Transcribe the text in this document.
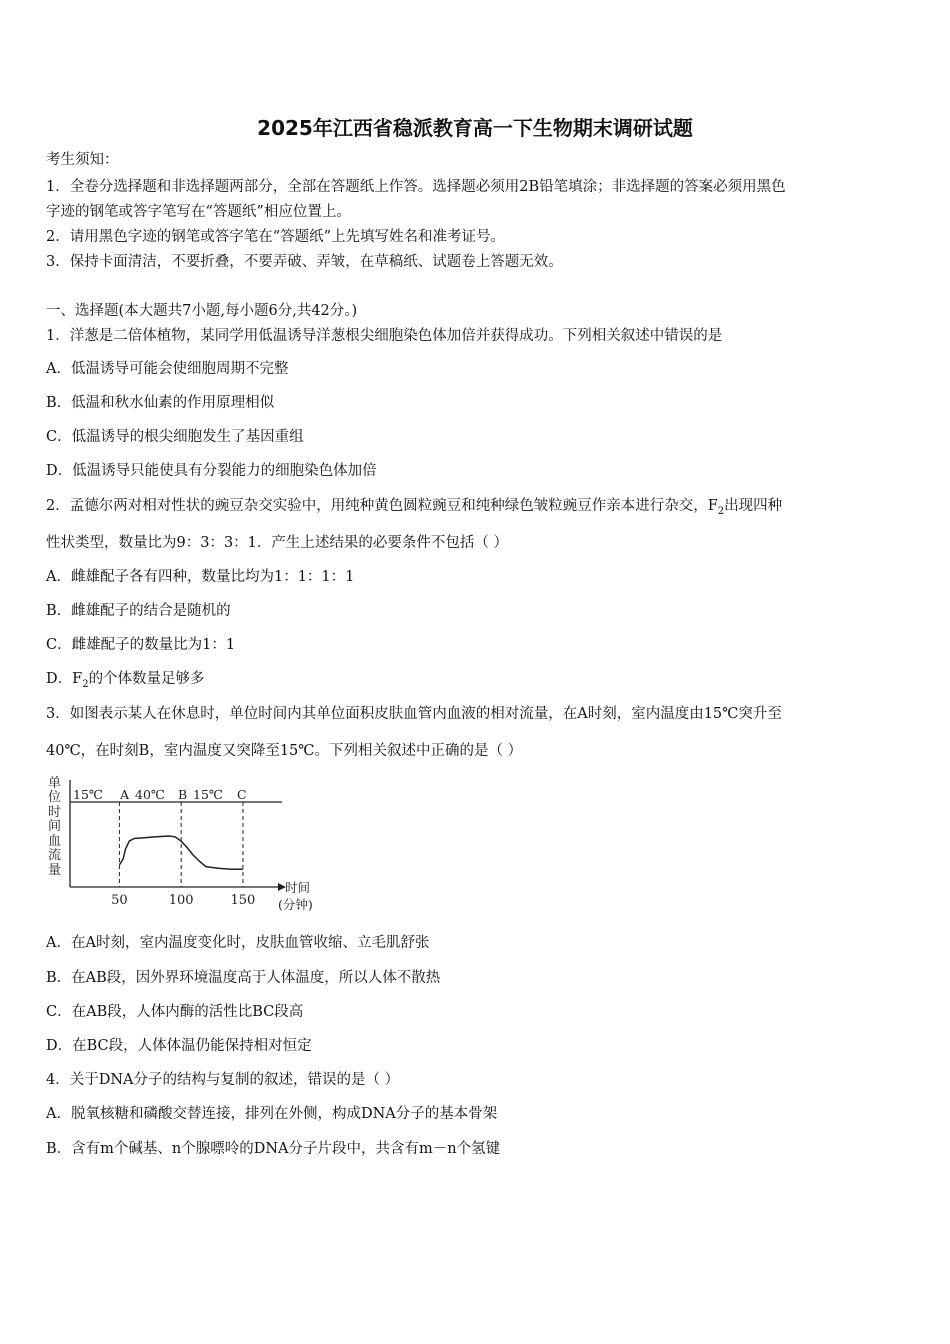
2025年江西省稳派教育高一下生物期末调研试题
考生须知：
1．全卷分选择题和非选择题两部分，全部在答题纸上作答。选择题必须用2B铅笔填涂；非选择题的答案必须用黑色
字迹的钢笔或答字笔写在“答题纸”相应位置上。
2．请用黑色字迹的钢笔或答字笔在“答题纸”上先填写姓名和准考证号。
3．保持卡面清洁，不要折叠，不要弄破、弄皱，在草稿纸、试题卷上答题无效。
一、选择题(本大题共7小题,每小题6分,共42分。)
1．洋葱是二倍体植物，某同学用低温诱导洋葱根尖细胞染色体加倍并获得成功。下列相关叙述中错误的是
A．低温诱导可能会使细胞周期不完整
B．低温和秋水仙素的作用原理相似
C．低温诱导的根尖细胞发生了基因重组
D．低温诱导只能使具有分裂能力的细胞染色体加倍
2．孟德尔两对相对性状的豌豆杂交实验中，用纯种黄色圆粒豌豆和纯种绿色皱粒豌豆作亲本进行杂交，$F_2$出现四种
性状类型，数量比为9：3：3：1．产生上述结果的必要条件不包括（ ）
A．雌雄配子各有四种，数量比均为1：1：1：1
B．雌雄配子的结合是随机的
C．雌雄配子的数量比为1：1
D．$F_2$的个体数量足够多
3．如图表示某人在休息时，单位时间内其单位面积皮肤血管内血液的相对流量，在A时刻，室内温度由15℃突升至
40℃，在时刻B，室内温度又突降至15℃。下列相关叙述中正确的是（ ）
单
位
时
间
血
流
量
15℃ A 40℃ B 15℃ C
50	100	150
时间
(分钟)
A．在A时刻，室内温度变化时，皮肤血管收缩、立毛肌舒张
B．在AB段，因外界环境温度高于人体温度，所以人体不散热
C．在AB段，人体内酶的活性比BC段高
D．在BC段，人体体温仍能保持相对恒定
4．关于DNA分子的结构与复制的叙述，错误的是（ ）
A．脱氧核糖和磷酸交替连接，排列在外侧，构成DNA分子的基本骨架
B．含有m个碱基、n个腺嘌呤的DNA分子片段中，共含有m－n个氢键
